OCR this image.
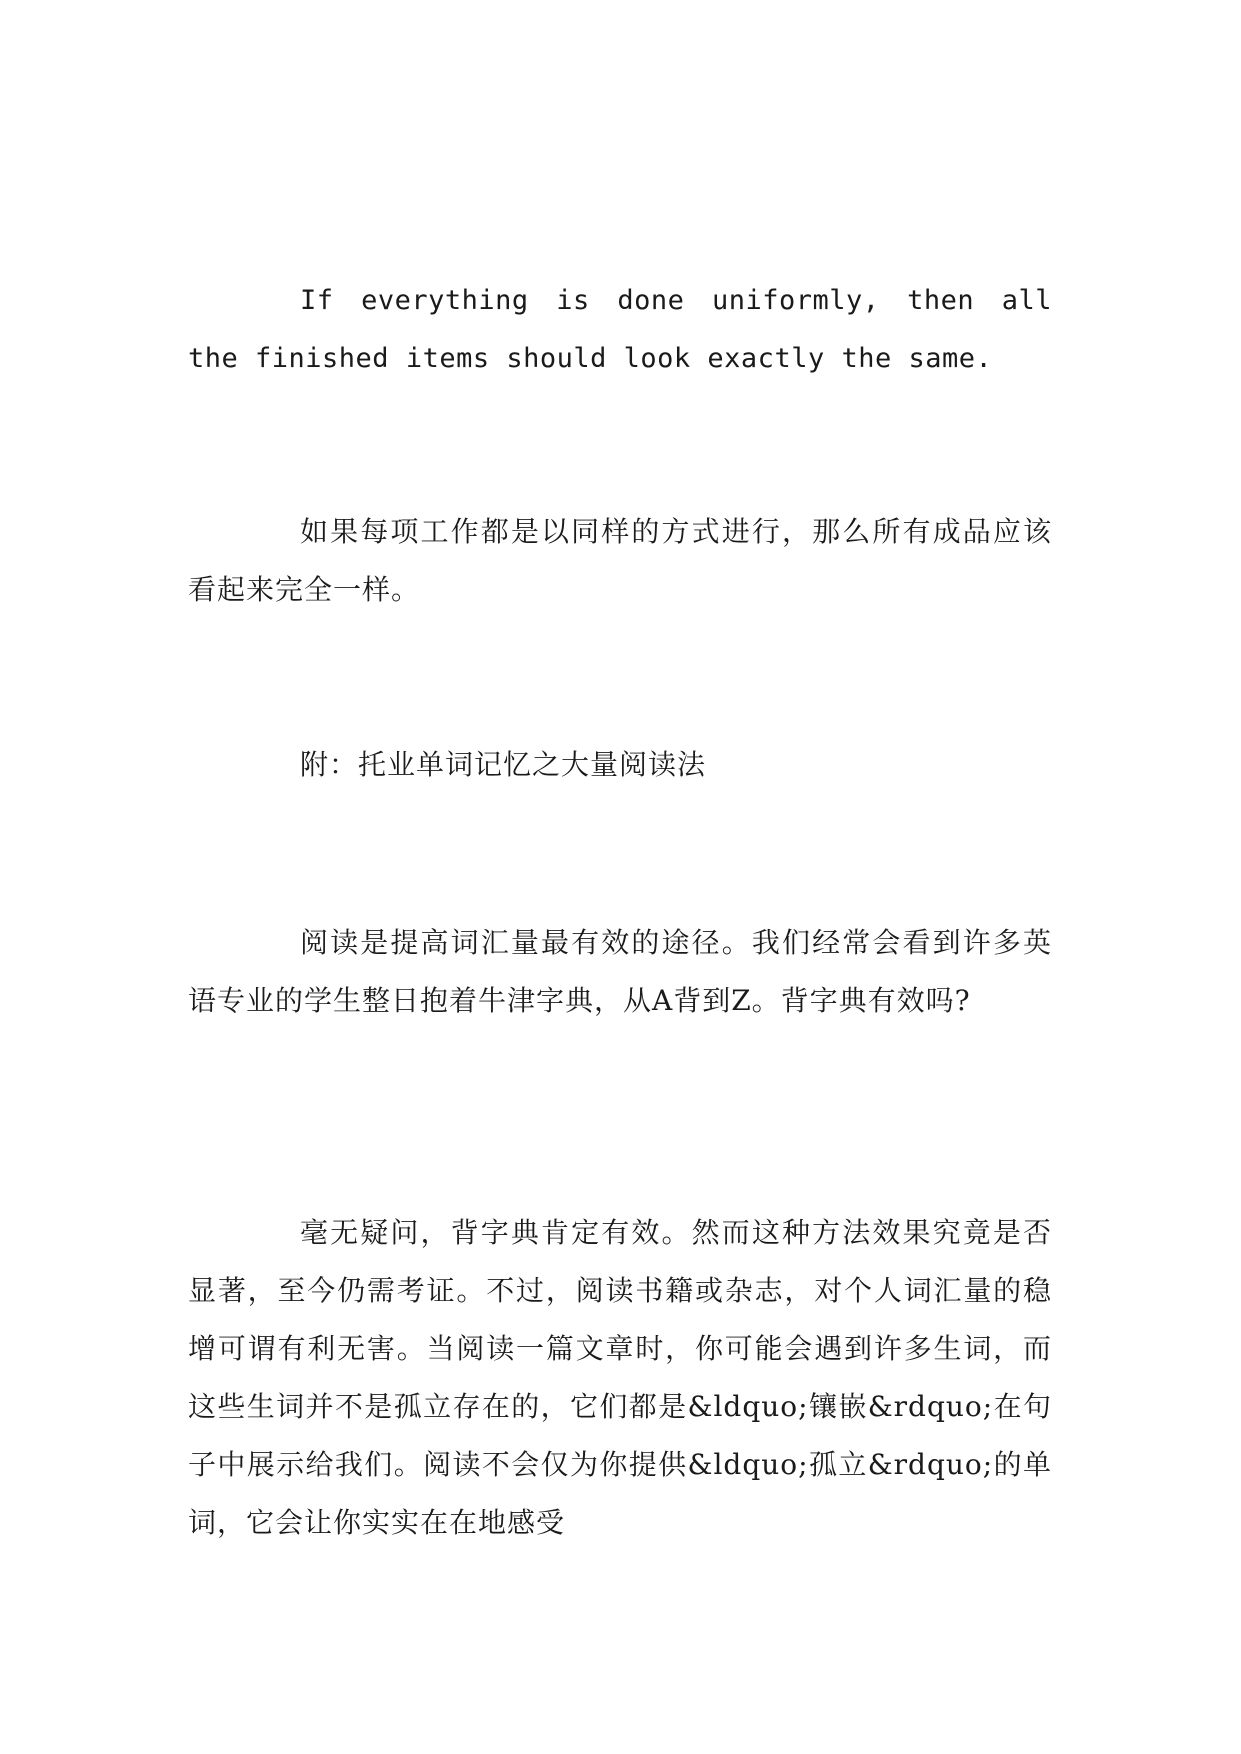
If everything is done uniformly, then all the finished items should look exactly the same.

如果每项工作都是以同样的方式进行，那么所有成品应该看起来完全一样。

附：托业单词记忆之大量阅读法

阅读是提高词汇量最有效的途径。我们经常会看到许多英语专业的学生整日抱着牛津字典，从A背到Z。背字典有效吗?

毫无疑问，背字典肯定有效。然而这种方法效果究竟是否显著，至今仍需考证。不过，阅读书籍或杂志，对个人词汇量的稳增可谓有利无害。当阅读一篇文章时，你可能会遇到许多生词，而这些生词并不是孤立存在的，它们都是&ldquo;镶嵌&rdquo;在句子中展示给我们。阅读不会仅为你提供&ldquo;孤立&rdquo;的单词，它会让你实实在在地感受
